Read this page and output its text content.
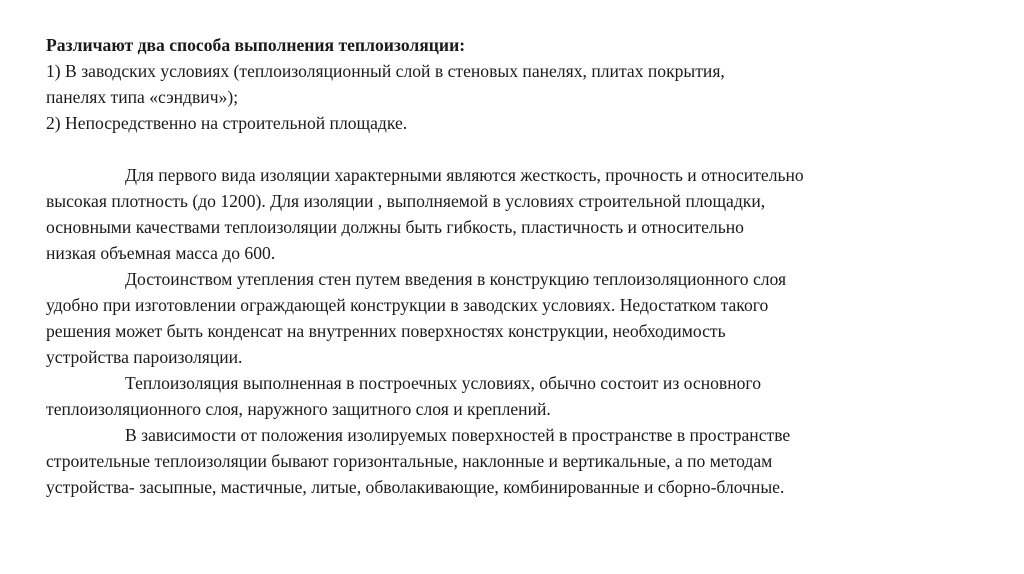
Различают два способа выполнения теплоизоляции:
1) В заводских условиях (теплоизоляционный слой в стеновых панелях, плитах покрытия,
панелях типа «сэндвич»);
2) Непосредственно на строительной площадке.
Для первого вида изоляции характерными являются жесткость, прочность и относительно
высокая плотность (до 1200). Для изоляции , выполняемой в условиях строительной площадки,
основными качествами теплоизоляции должны быть гибкость, пластичность и относительно
низкая объемная масса до 600.
Достоинством утепления стен путем введения в конструкцию теплоизоляционного слоя
удобно при изготовлении ограждающей конструкции в заводских условиях. Недостатком такого
решения может быть конденсат на внутренних поверхностях конструкции, необходимость
устройства пароизоляции.
Теплоизоляция выполненная в построечных условиях, обычно состоит из основного
теплоизоляционного слоя, наружного защитного слоя и креплений.
В зависимости от положения изолируемых поверхностей в пространстве в пространстве
строительные теплоизоляции бывают горизонтальные, наклонные и вертикальные, а по методам
устройства- засыпные, мастичные, литые, обволакивающие, комбинированные и сборно-блочные.
